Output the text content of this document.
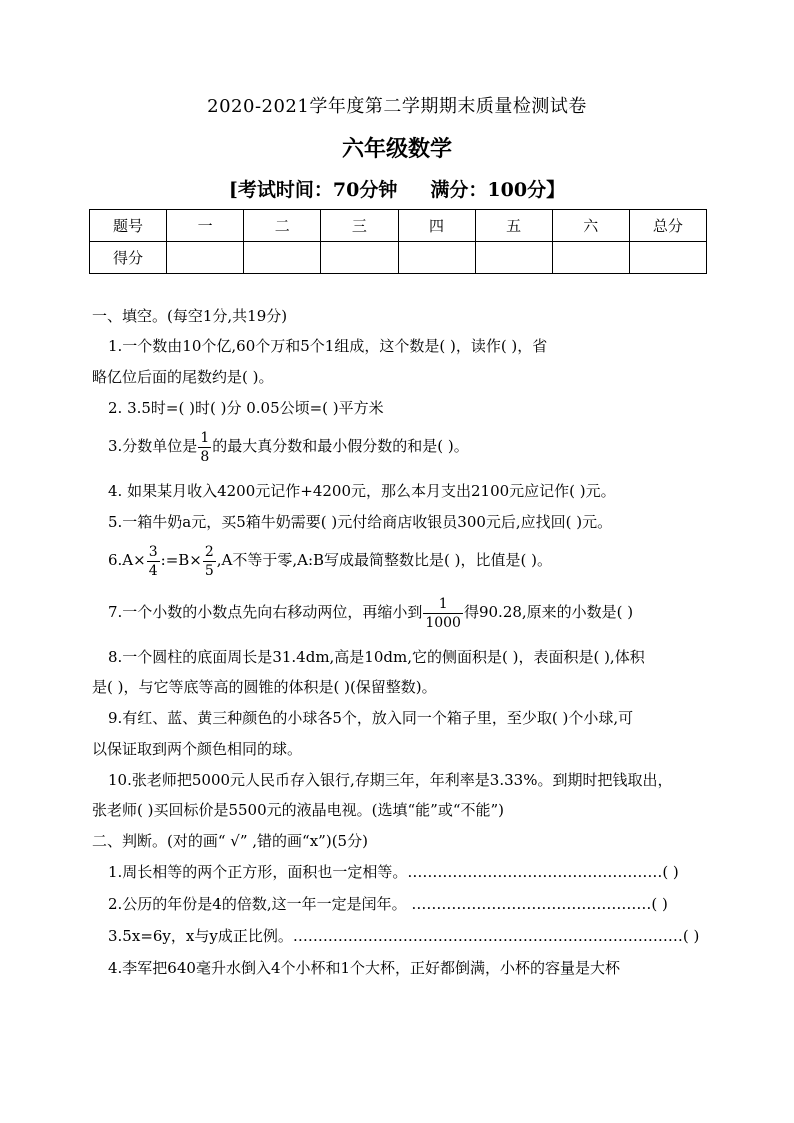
2020-2021学年度第二学期期末质量检测试卷
六年级数学
[考试时间：70分钟     满分：100分】
题号	一	二	三	四	五	六	总分
得分							
一、填空。(每空1分,共19分)
1.一个数由10个亿,60个万和5个1组成，这个数是( )，读作( )，省
略亿位后面的尾数约是( )。
2. 3.5时=( )时( )分 0.05公顷=( )平方米
3.分数单位是 $\frac{1}{8}$ 的最大真分数和最小假分数的和是( )。
4. 如果某月收入4200元记作+4200元，那么本月支出2100元应记作( )元。
5.一箱牛奶a元，买5箱牛奶需要( )元付给商店收银员300元后,应找回( )元。
$6.A\times \frac{3}{4}$ :=B× $\frac{2}{5} ,A$不等于零,A:B写成最简整数比是( )，比值是( )。
7.一个小数的小数点先向右移动两位，再缩小到 $\frac{1}{1000}$ 得90.28,原来的小数是( )
8.一个圆柱的底面周长是31.4dm,高是10dm,它的侧面积是( )，表面积是( ),体积
是( )，与它等底等高的圆锥的体积是( )(保留整数)。
9.有红、蓝、黄三种颜色的小球各5个，放入同一个箱子里，至少取( )个小球,可
以保证取到两个颜色相同的球。
10.张老师把5000元人民币存入银行,存期三年，年利率是3.33%。到期时把钱取出，
张老师( )买回标价是5500元的液晶电视。(选填“能”或“不能”)
二、判断。(对的画“ √” ,错的画“x”)(5分)
1.周长相等的两个正方形，面积也一定相等。……………………………………………( )
2.公历的年份是4的倍数,这一年一定是闰年。 …………………………………………( )
3.5x=6y，x与y成正比例。……………………………………………………………………( )
4.李军把640毫升水倒入4个小杯和1个大杯，正好都倒满，小杯的容量是大杯
